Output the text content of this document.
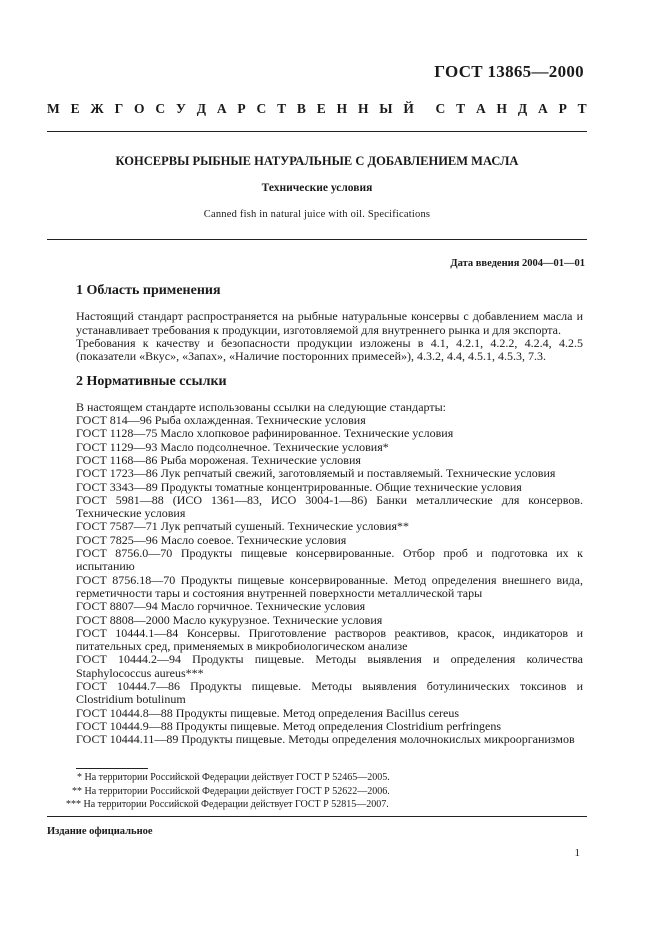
ГОСТ 13865—2000
М Е Ж Г О С У Д А Р С Т В Е Н Н Ы Й С Т А Н Д А Р Т
КОНСЕРВЫ РЫБНЫЕ НАТУРАЛЬНЫЕ С ДОБАВЛЕНИЕМ МАСЛА
Технические условия
Canned fish in natural juice with oil. Specifications
Дата введения 2004—01—01
1 Область применения

Настоящий стандарт распространяется на рыбные натуральные консервы с добавлением масла и устанавливает требования к продукции, изготовляемой для внутреннего рынка и для экспорта.

Требования к качеству и безопасности продукции изложены в 4.1, 4.2.1, 4.2.2, 4.2.4, 4.2.5 (показатели «Вкус», «Запах», «Наличие посторонних примесей»), 4.3.2, 4.4, 4.5.1, 4.5.3, 7.3.

2 Нормативные ссылки

В настоящем стандарте использованы ссылки на следующие стандарты:

ГОСТ 814—96 Рыба охлажденная. Технические условия

ГОСТ 1128—75 Масло хлопковое рафинированное. Технические условия

ГОСТ 1129—93 Масло подсолнечное. Технические условия*

ГОСТ 1168—86 Рыба мороженая. Технические условия

ГОСТ 1723—86 Лук репчатый свежий, заготовляемый и поставляемый. Технические условия

ГОСТ 3343—89 Продукты томатные концентрированные. Общие технические условия

ГОСТ 5981—88 (ИСО 1361—83, ИСО 3004-1—86) Банки металлические для консервов. Технические условия

ГОСТ 7587—71 Лук репчатый сушеный. Технические условия**

ГОСТ 7825—96 Масло соевое. Технические условия

ГОСТ 8756.0—70 Продукты пищевые консервированные. Отбор проб и подготовка их к испытанию

ГОСТ 8756.18—70 Продукты пищевые консервированные. Метод определения внешнего вида, герметичности тары и состояния внутренней поверхности металлической тары

ГОСТ 8807—94 Масло горчичное. Технические условия

ГОСТ 8808—2000 Масло кукурузное. Технические условия

ГОСТ 10444.1—84 Консервы. Приготовление растворов реактивов, красок, индикаторов и питательных сред, применяемых в микробиологическом анализе

ГОСТ 10444.2—94 Продукты пищевые. Методы выявления и определения количества Staphylococcus aureus***

ГОСТ 10444.7—86 Продукты пищевые. Методы выявления ботулинических токсинов и Clostridium botulinum

ГОСТ 10444.8—88 Продукты пищевые. Метод определения Bacillus cereus

ГОСТ 10444.9—88 Продукты пищевые. Метод определения Clostridium perfringens

ГОСТ 10444.11—89 Продукты пищевые. Методы определения молочнокислых микроорганизмов

* На территории Российской Федерации действует ГОСТ Р 52465—2005.
** На территории Российской Федерации действует ГОСТ Р 52622—2006.
*** На территории Российской Федерации действует ГОСТ Р 52815—2007.
Издание официальное
1
